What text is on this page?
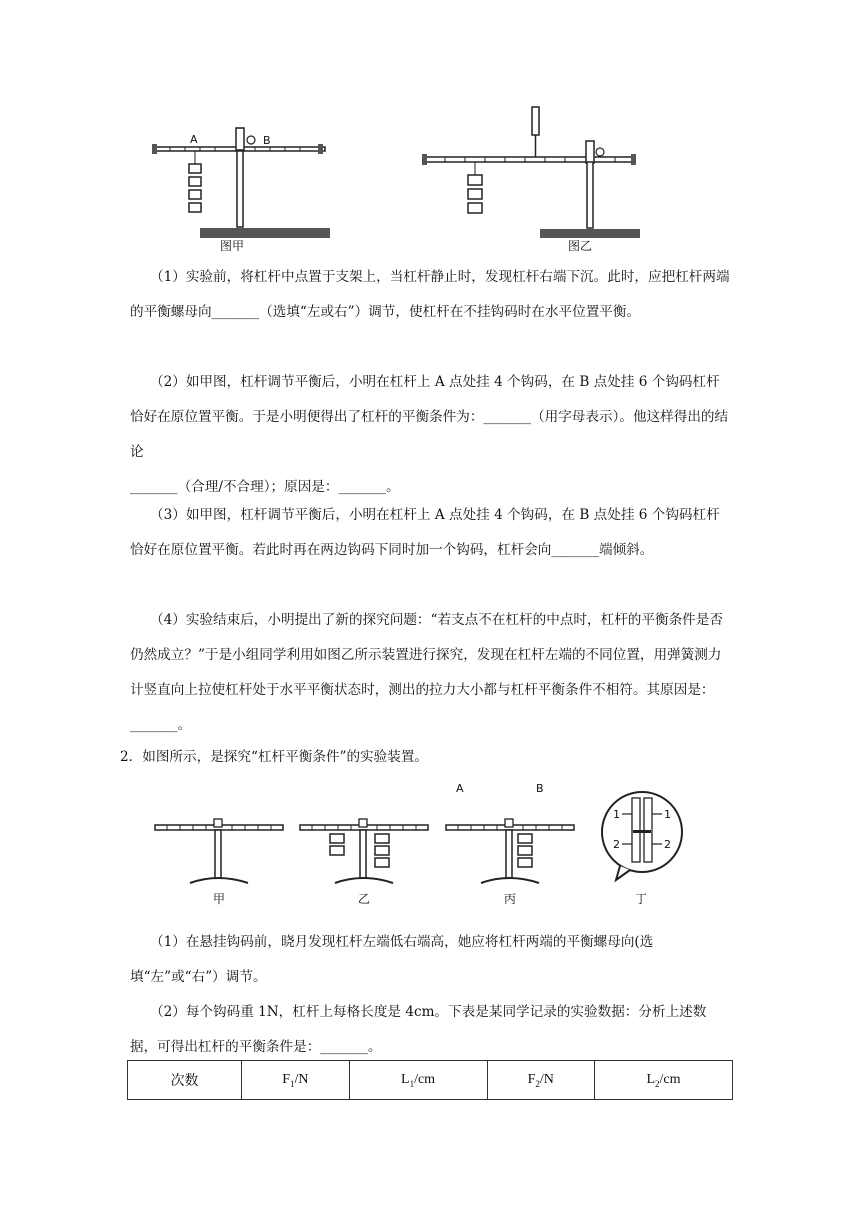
A	B
图甲	图乙

（1）实验前，将杠杆中点置于支架上，当杠杆静止时，发现杠杆右端下沉。此时，应把杠杆两端的平衡螺母向_______（选填“左或右”）调节，使杠杆在不挂钩码时在水平位置平衡。

（2）如甲图，杠杆调节平衡后，小明在杠杆上 A 点处挂 4 个钩码，在 B 点处挂 6 个钩码杠杆恰好在原位置平衡。于是小明便得出了杠杆的平衡条件为：_______（用字母表示）。他这样得出的结论

_______（合理/不合理）；原因是：_______。

（3）如甲图，杠杆调节平衡后，小明在杠杆上 A 点处挂 4 个钩码，在 B 点处挂 6 个钩码杠杆恰好在原位置平衡。若此时再在两边钩码下同时加一个钩码，杠杆会向_______端倾斜。

（4）实验结束后，小明提出了新的探究问题：“若支点不在杠杆的中点时，杠杆的平衡条件是否仍然成立？”于是小组同学利用如图乙所示装置进行探究，发现在杠杆左端的不同位置，用弹簧测力计竖直向上拉使杠杆处于水平平衡状态时，测出的拉力大小都与杠杆平衡条件不相符。其原因是：_______。

2．如图所示，是探究“杠杆平衡条件”的实验装置。

甲	乙
A	B
丙
1	1
2	2
丁

（1）在悬挂钩码前，晓月发现杠杆左端低右端高，她应将杠杆两端的平衡螺母向(选填“左”或“右”）调节。

（2）每个钩码重 1N，杠杆上每格长度是 4cm。下表是某同学记录的实验数据：分析上述数据，可得出杠杆的平衡条件是：_______。

次数	$F_1/N$	$L_1/cm$	$F_2/N$	$L_2/cm$
